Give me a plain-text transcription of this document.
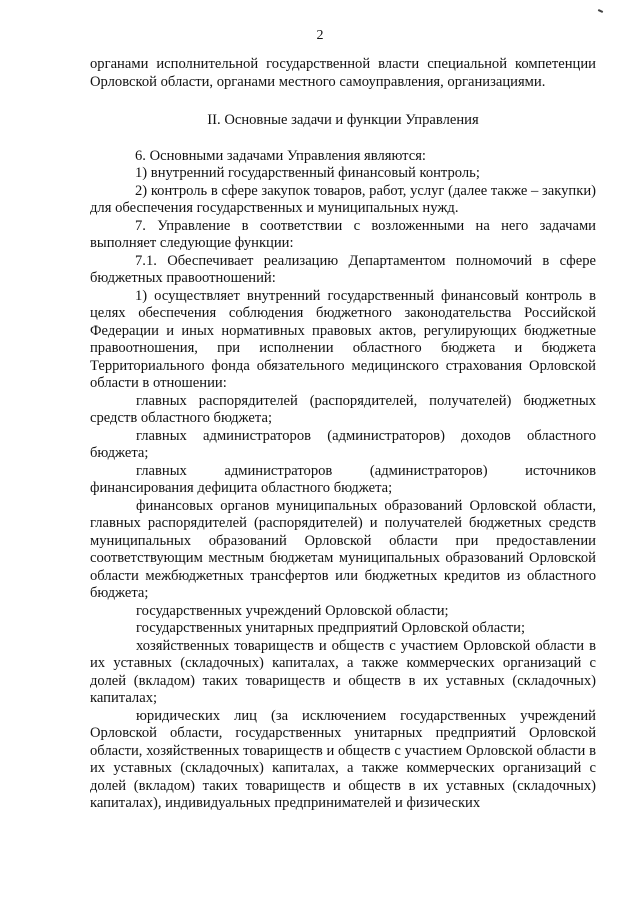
2

органами исполнительной государственной власти специальной компетенции Орловской области, органами местного самоуправления, организациями.

II. Основные задачи и функции Управления

6. Основными задачами Управления являются:

1) внутренний государственный финансовый контроль;

2) контроль в сфере закупок товаров, работ, услуг (далее также – закупки) для обеспечения государственных и муниципальных нужд.

7. Управление в соответствии с возложенными на него задачами выполняет следующие функции:

7.1. Обеспечивает реализацию Департаментом полномочий в сфере бюджетных правоотношений:

1) осуществляет внутренний государственный финансовый контроль в целях обеспечения соблюдения бюджетного законодательства Российской Федерации и иных нормативных правовых актов, регулирующих бюджетные правоотношения, при исполнении областного бюджета и бюджета Территориального фонда обязательного медицинского страхования Орловской области в отношении:

главных распорядителей (распорядителей, получателей) бюджетных средств областного бюджета;

главных администраторов (администраторов) доходов областного бюджета;

главных администраторов (администраторов) источников финансирования дефицита областного бюджета;

финансовых органов муниципальных образований Орловской области, главных распорядителей (распорядителей) и получателей бюджетных средств муниципальных образований Орловской области при предоставлении соответствующим местным бюджетам муниципальных образований Орловской области межбюджетных трансфертов или бюджетных кредитов из областного бюджета;

государственных учреждений Орловской области;

государственных унитарных предприятий Орловской области;

хозяйственных товариществ и обществ с участием Орловской области в их уставных (складочных) капиталах, а также коммерческих организаций с долей (вкладом) таких товариществ и обществ в их уставных (складочных) капиталах;

юридических лиц (за исключением государственных учреждений Орловской области, государственных унитарных предприятий Орловской области, хозяйственных товариществ и обществ с участием Орловской области в их уставных (складочных) капиталах, а также коммерческих организаций с долей (вкладом) таких товариществ и обществ в их уставных (складочных) капиталах), индивидуальных предпринимателей и физических
